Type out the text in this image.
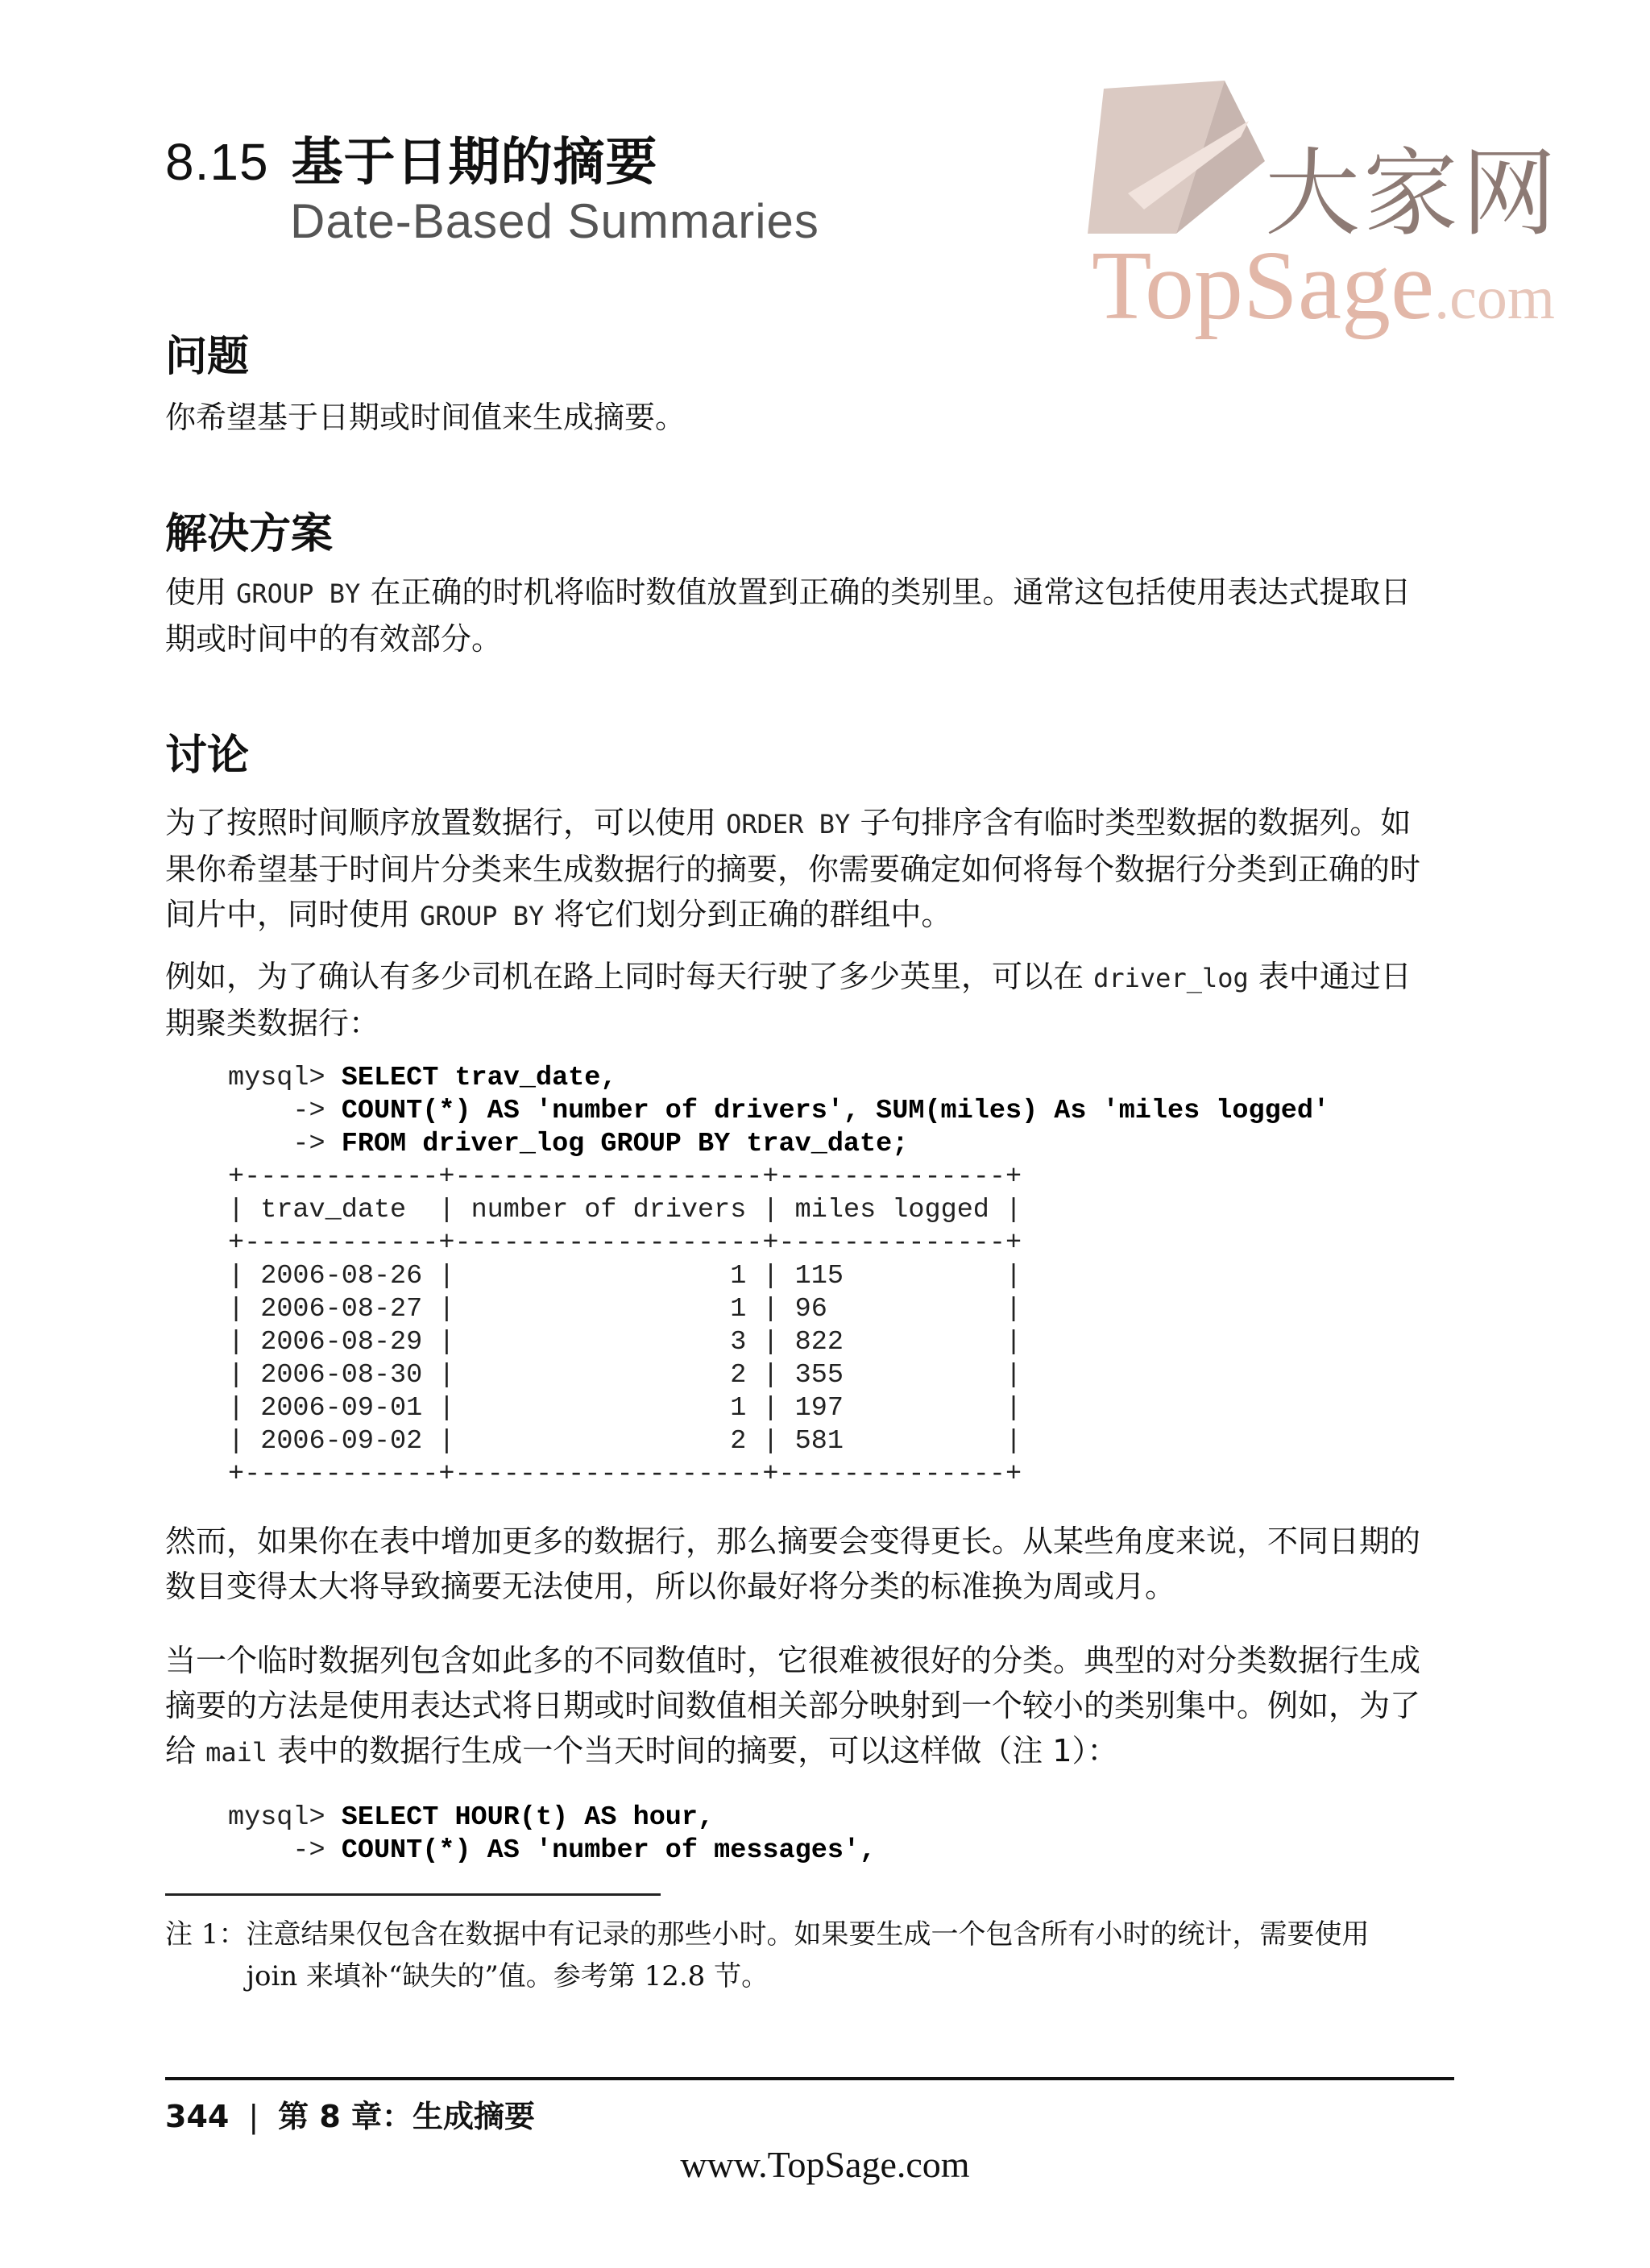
8.15 基于日期的摘要
Date-Based Summaries	大家网
TopSage.com
问题
你希望基于日期或时间值来生成摘要。
解决方案
使用 GROUP BY 在正确的时机将临时数值放置到正确的类别里。通常这包括使用表达式提取日期或时间中的有效部分。
讨论
为了按照时间顺序放置数据行，可以使用 ORDER BY 子句排序含有临时类型数据的数据列。如果你希望基于时间片分类来生成数据行的摘要，你需要确定如何将每个数据行分类到正确的时间片中，同时使用 GROUP BY 将它们划分到正确的群组中。
例如，为了确认有多少司机在路上同时每天行驶了多少英里，可以在 driver_log 表中通过日期聚类数据行：
mysql> SELECT trav_date,
-> COUNT(*) AS 'number of drivers', SUM(miles) As 'miles logged'
-> FROM driver_log GROUP BY trav_date;
+------------+-------------------+--------------+
| trav_date  | number of drivers | miles logged |
+------------+-------------------+--------------+
| 2006-08-26 |                 1 | 115          |
| 2006-08-27 |                 1 | 96           |
| 2006-08-29 |                 3 | 822          |
| 2006-08-30 |                 2 | 355          |
| 2006-09-01 |                 1 | 197          |
| 2006-09-02 |                 2 | 581          |
+------------+-------------------+--------------+
然而，如果你在表中增加更多的数据行，那么摘要会变得更长。从某些角度来说，不同日期的数目变得太大将导致摘要无法使用，所以你最好将分类的标准换为周或月。
当一个临时数据列包含如此多的不同数值时，它很难被很好的分类。典型的对分类数据行生成摘要的方法是使用表达式将日期或时间数值相关部分映射到一个较小的类别集中。例如，为了给 mail 表中的数据行生成一个当天时间的摘要，可以这样做（注 1）：
mysql> SELECT HOUR(t) AS hour,
-> COUNT(*) AS 'number of messages',
注 1：注意结果仅包含在数据中有记录的那些小时。如果要生成一个包含所有小时的统计，需要使用 join 来填补“缺失的”值。参考第 12.8 节。
344 | 第 8 章：生成摘要
www.TopSage.com
